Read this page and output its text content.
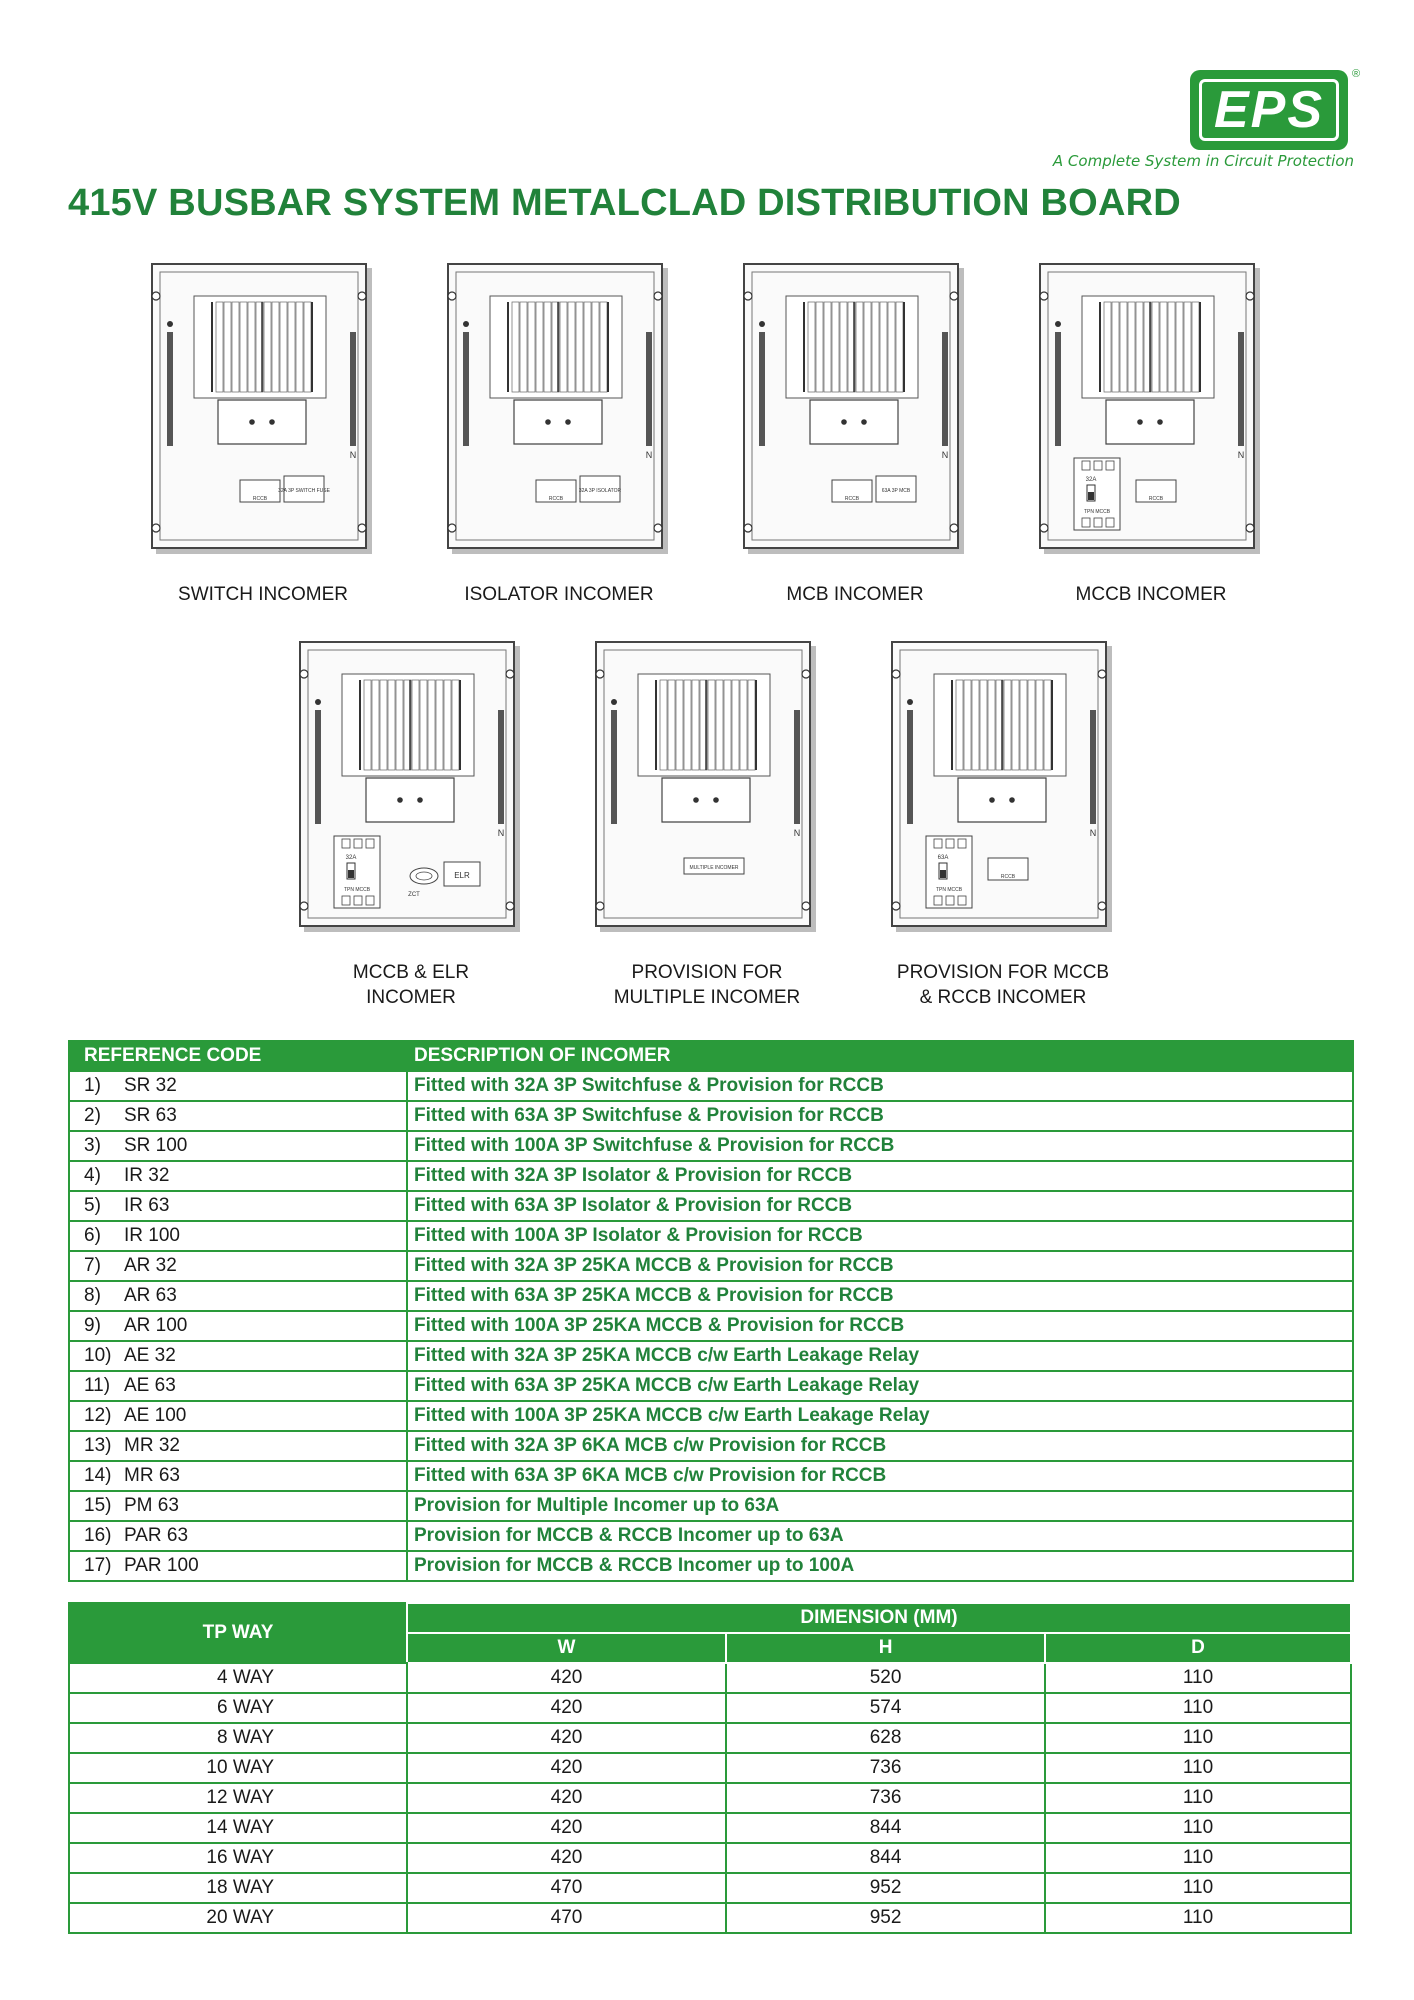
EPS
®
A Complete System in Circuit Protection
415V BUSBAR SYSTEM METALCLAD DISTRIBUTION BOARD
N
RCCB
32A 3P SWITCH FUSE
N
RCCB
32A 3P ISOLATOR
N
RCCB
63A 3P MCB
N
32A
TPN MCCB
RCCB
N
32A
TPN MCCB
ZCT
ELR
N
MULTIPLE INCOMER
N
63A
TPN MCCB
RCCB
SWITCH INCOMER	ISOLATOR INCOMER	MCB INCOMER	MCCB INCOMER
MCCB & ELR
INCOMER
PROVISION FOR
MULTIPLE INCOMER
PROVISION FOR MCCB
& RCCB INCOMER
REFERENCE CODE	DESCRIPTION OF INCOMER
1) SR 32	Fitted with 32A 3P Switchfuse & Provision for RCCB
2) SR 63	Fitted with 63A 3P Switchfuse & Provision for RCCB
3) SR 100	Fitted with 100A 3P Switchfuse & Provision for RCCB
4) IR 32	Fitted with 32A 3P Isolator & Provision for RCCB
5) IR 63	Fitted with 63A 3P Isolator & Provision for RCCB
6) IR 100	Fitted with 100A 3P Isolator & Provision for RCCB
7) AR 32	Fitted with 32A 3P 25KA MCCB & Provision for RCCB
8) AR 63	Fitted with 63A 3P 25KA MCCB & Provision for RCCB
9) AR 100	Fitted with 100A 3P 25KA MCCB & Provision for RCCB
10) AE 32	Fitted with 32A 3P 25KA MCCB c/w Earth Leakage Relay
11) AE 63	Fitted with 63A 3P 25KA MCCB c/w Earth Leakage Relay
12) AE 100	Fitted with 100A 3P 25KA MCCB c/w Earth Leakage Relay
13) MR 32	Fitted with 32A 3P 6KA MCB c/w Provision for RCCB
14) MR 63	Fitted with 63A 3P 6KA MCB c/w Provision for RCCB
15) PM 63	Provision for Multiple Incomer up to 63A
16) PAR 63	Provision for MCCB & RCCB Incomer up to 63A
17) PAR 100	Provision for MCCB & RCCB Incomer up to 100A
TP WAY	DIMENSION (MM)		
	W	H	D
4 WAY	420	520	110
6 WAY	420	574	110
8 WAY	420	628	110
10 WAY	420	736	110
12 WAY	420	736	110
14 WAY	420	844	110
16 WAY	420	844	110
18 WAY	470	952	110
20 WAY	470	952	110
